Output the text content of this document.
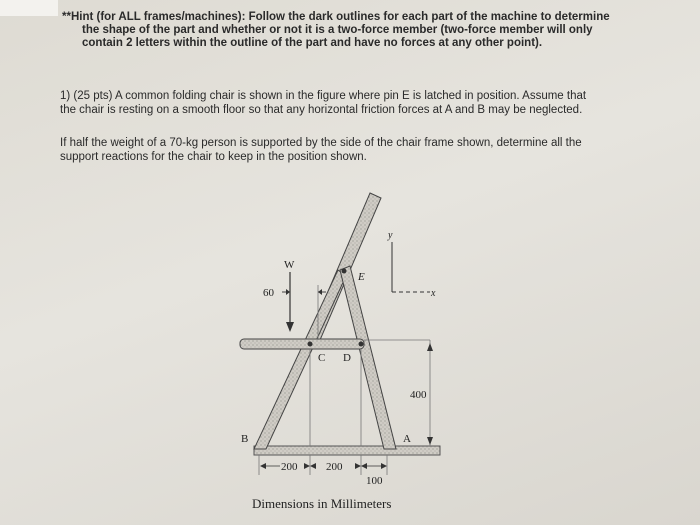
**Hint (for ALL frames/machines): Follow the dark outlines for each part of the machine to determine
the shape of the part and whether or not it is a two-force member (two-force member will only
contain 2 letters within the outline of the part and have no forces at any other point).
1) (25 pts) A common folding chair is shown in the figure where pin E is latched in position. Assume that
the chair is resting on a smooth floor so that any horizontal friction forces at A and B may be neglected.
If half the weight of a 70-kg person is supported by the side of the chair frame shown, determine all the
support reactions for the chair to keep in the position shown.
W
E
C D
B	A
y
x
60
400
200	200
100
Dimensions in Millimeters
